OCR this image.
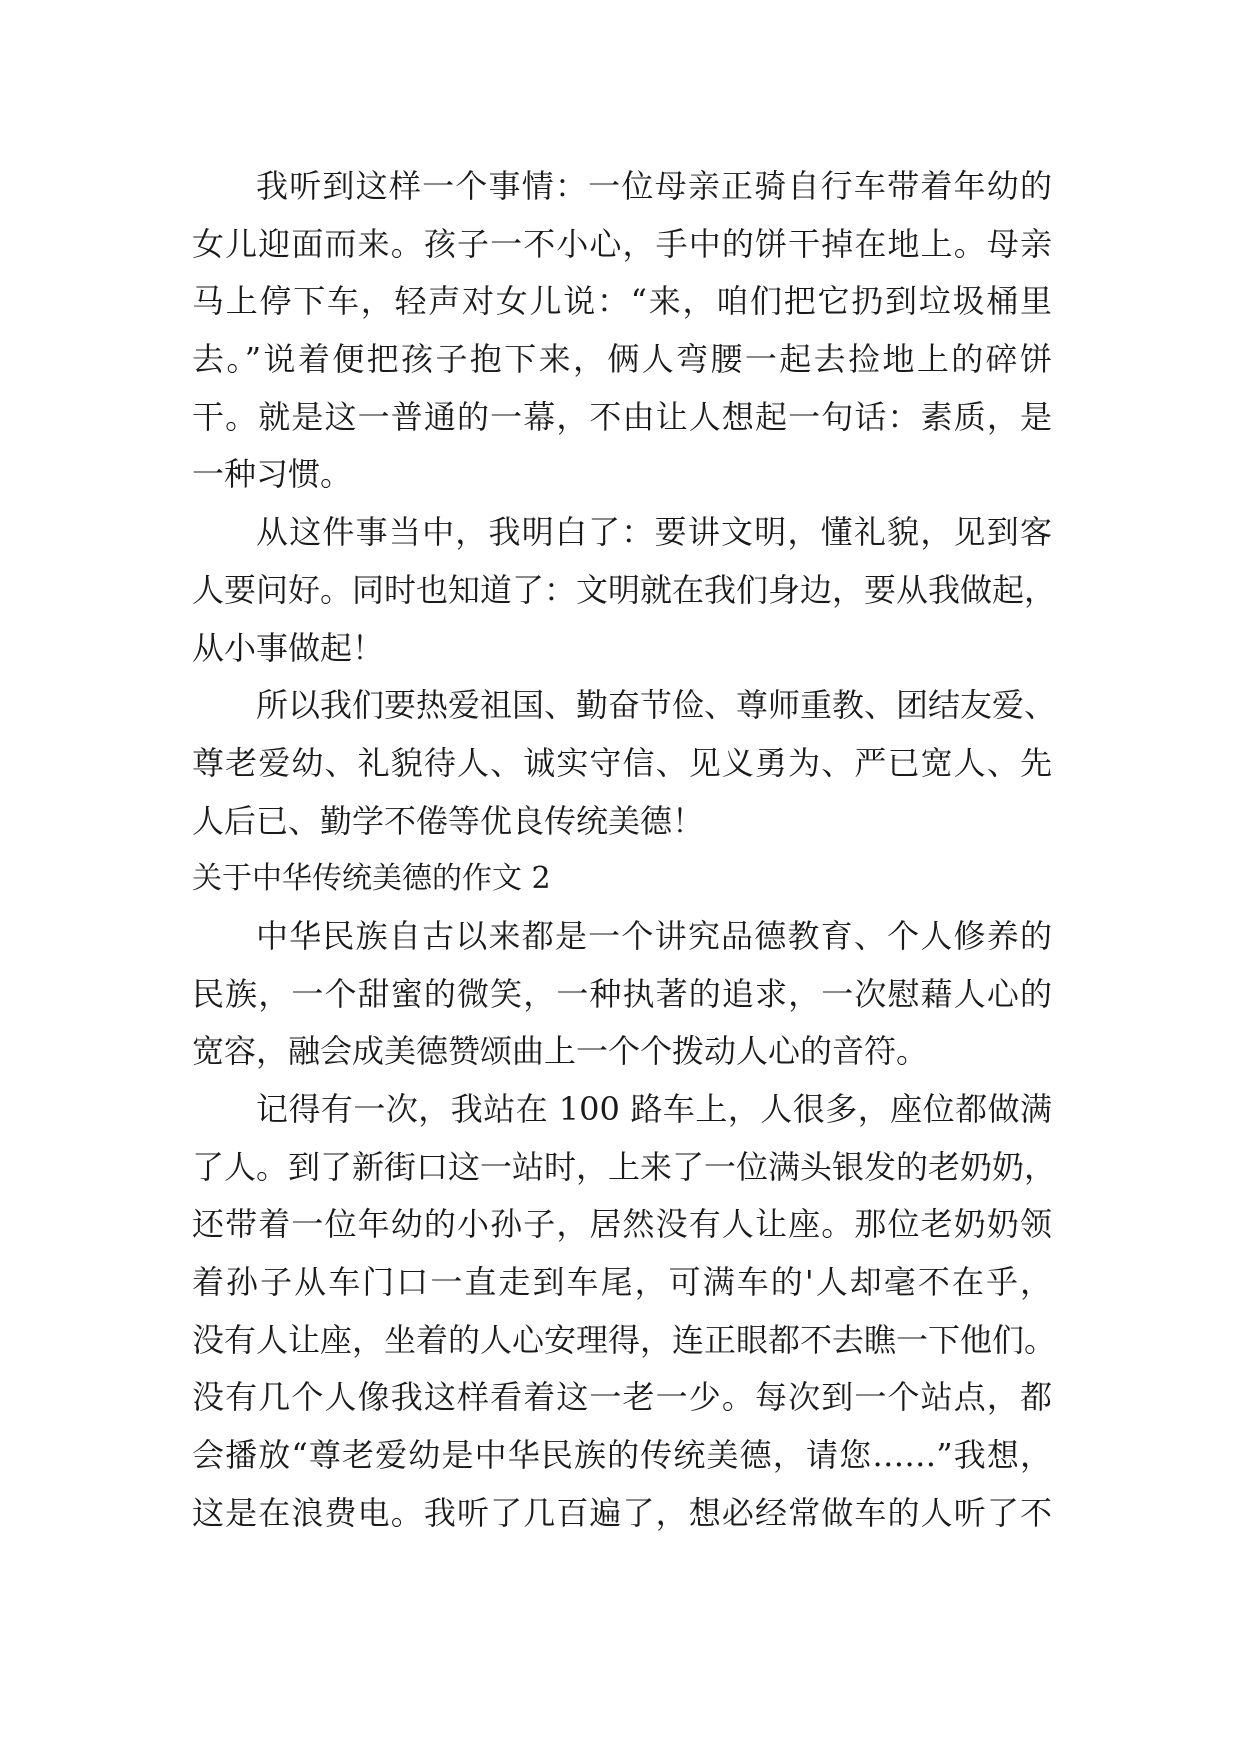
我听到这样一个事情：一位母亲正骑自行车带着年幼的
女儿迎面而来。孩子一不小心，手中的饼干掉在地上。母亲
马上停下车，轻声对女儿说：“来，咱们把它扔到垃圾桶里
去。”说着便把孩子抱下来，俩人弯腰一起去捡地上的碎饼
干。就是这一普通的一幕，不由让人想起一句话：素质，是
一种习惯。
从这件事当中，我明白了：要讲文明，懂礼貌，见到客
人要问好。同时也知道了：文明就在我们身边，要从我做起，
从小事做起！
所以我们要热爱祖国、勤奋节俭、尊师重教、团结友爱、
尊老爱幼、礼貌待人、诚实守信、见义勇为、严已宽人、先
人后已、勤学不倦等优良传统美德！
关于中华传统美德的作文 2
中华民族自古以来都是一个讲究品德教育、个人修养的
民族，一个甜蜜的微笑，一种执著的追求，一次慰藉人心的
宽容，融会成美德赞颂曲上一个个拨动人心的音符。
记得有一次，我站在 100 路车上，人很多，座位都做满
了人。到了新街口这一站时，上来了一位满头银发的老奶奶，
还带着一位年幼的小孙子，居然没有人让座。那位老奶奶领
着孙子从车门口一直走到车尾，可满车的'人却毫不在乎，
没有人让座，坐着的人心安理得，连正眼都不去瞧一下他们。
没有几个人像我这样看着这一老一少。每次到一个站点，都
会播放“尊老爱幼是中华民族的传统美德，请您……”我想，
这是在浪费电。我听了几百遍了，想必经常做车的人听了不
